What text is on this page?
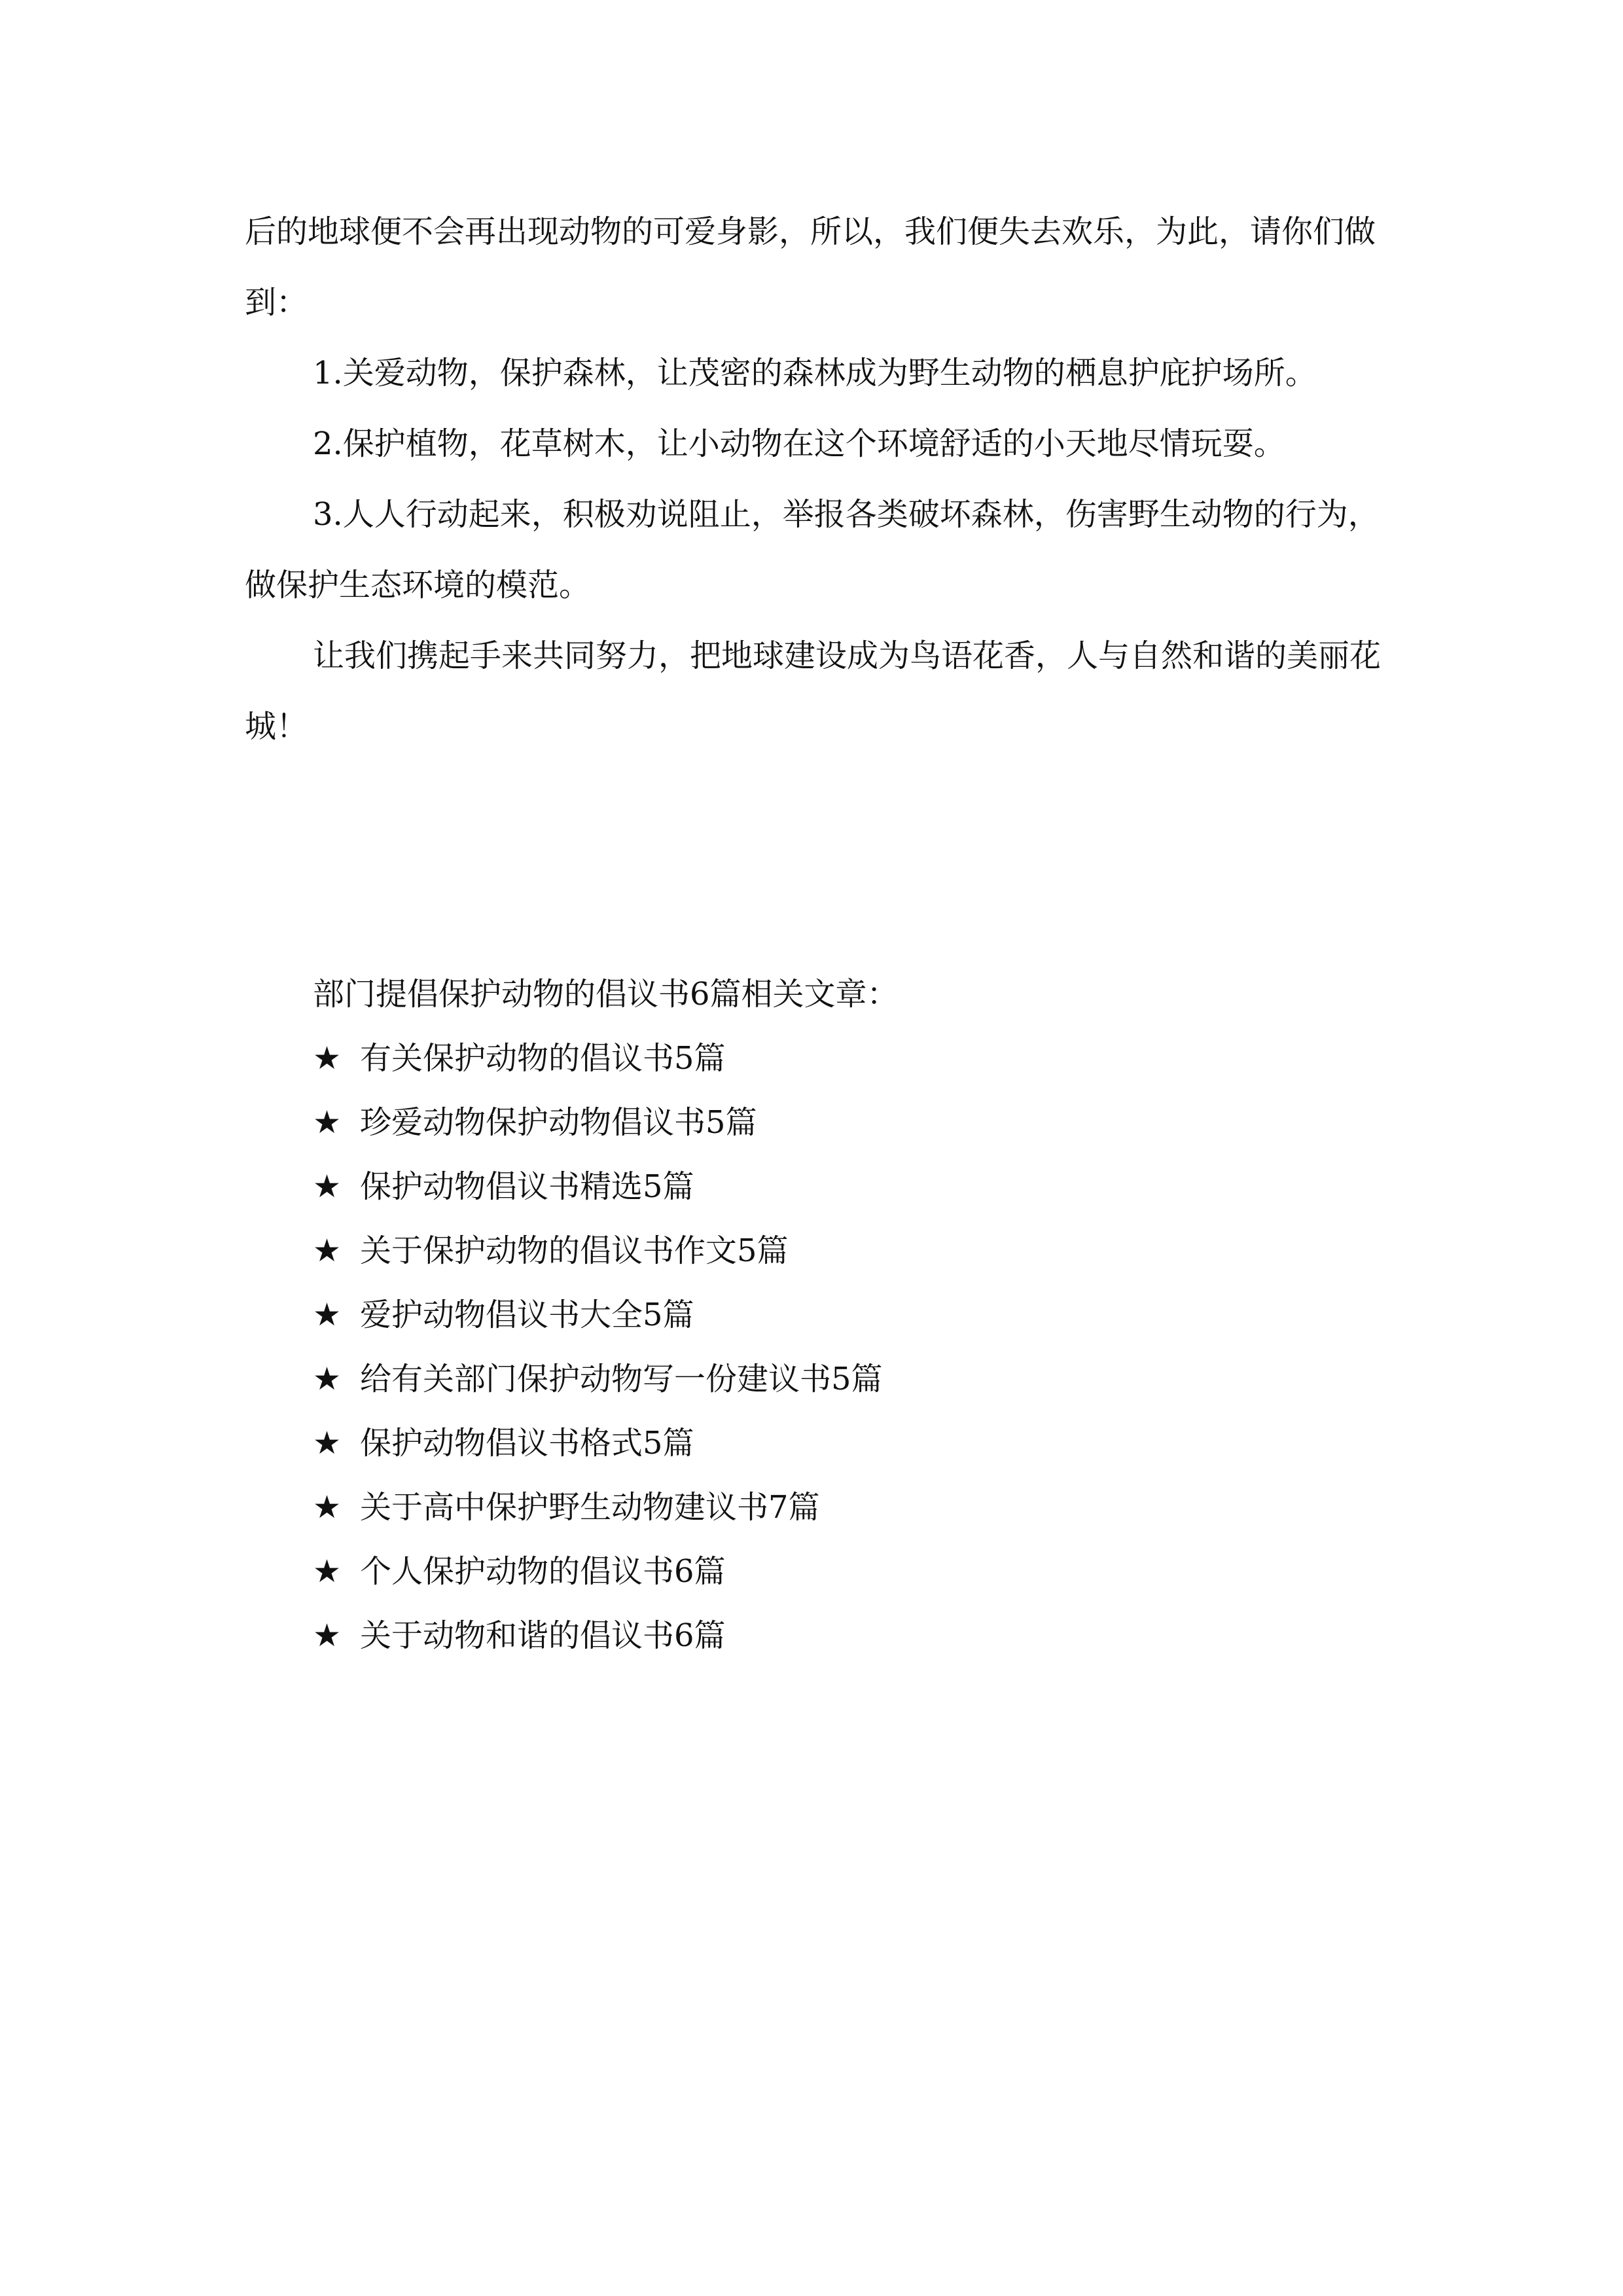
后的地球便不会再出现动物的可爱身影，所以，我们便失去欢乐，为此，请你们做到：

1.关爱动物，保护森林，让茂密的森林成为野生动物的栖息护庇护场所。

2.保护植物，花草树木，让小动物在这个环境舒适的小天地尽情玩耍。

3.人人行动起来，积极劝说阻止，举报各类破坏森林，伤害野生动物的行为，做保护生态环境的模范。

让我们携起手来共同努力，把地球建设成为鸟语花香，人与自然和谐的美丽花城！

部门提倡保护动物的倡议书6篇相关文章：

★ 有关保护动物的倡议书5篇
★ 珍爱动物保护动物倡议书5篇
★ 保护动物倡议书精选5篇
★ 关于保护动物的倡议书作文5篇
★ 爱护动物倡议书大全5篇
★ 给有关部门保护动物写一份建议书5篇
★ 保护动物倡议书格式5篇
★ 关于高中保护野生动物建议书7篇
★ 个人保护动物的倡议书6篇
★ 关于动物和谐的倡议书6篇
